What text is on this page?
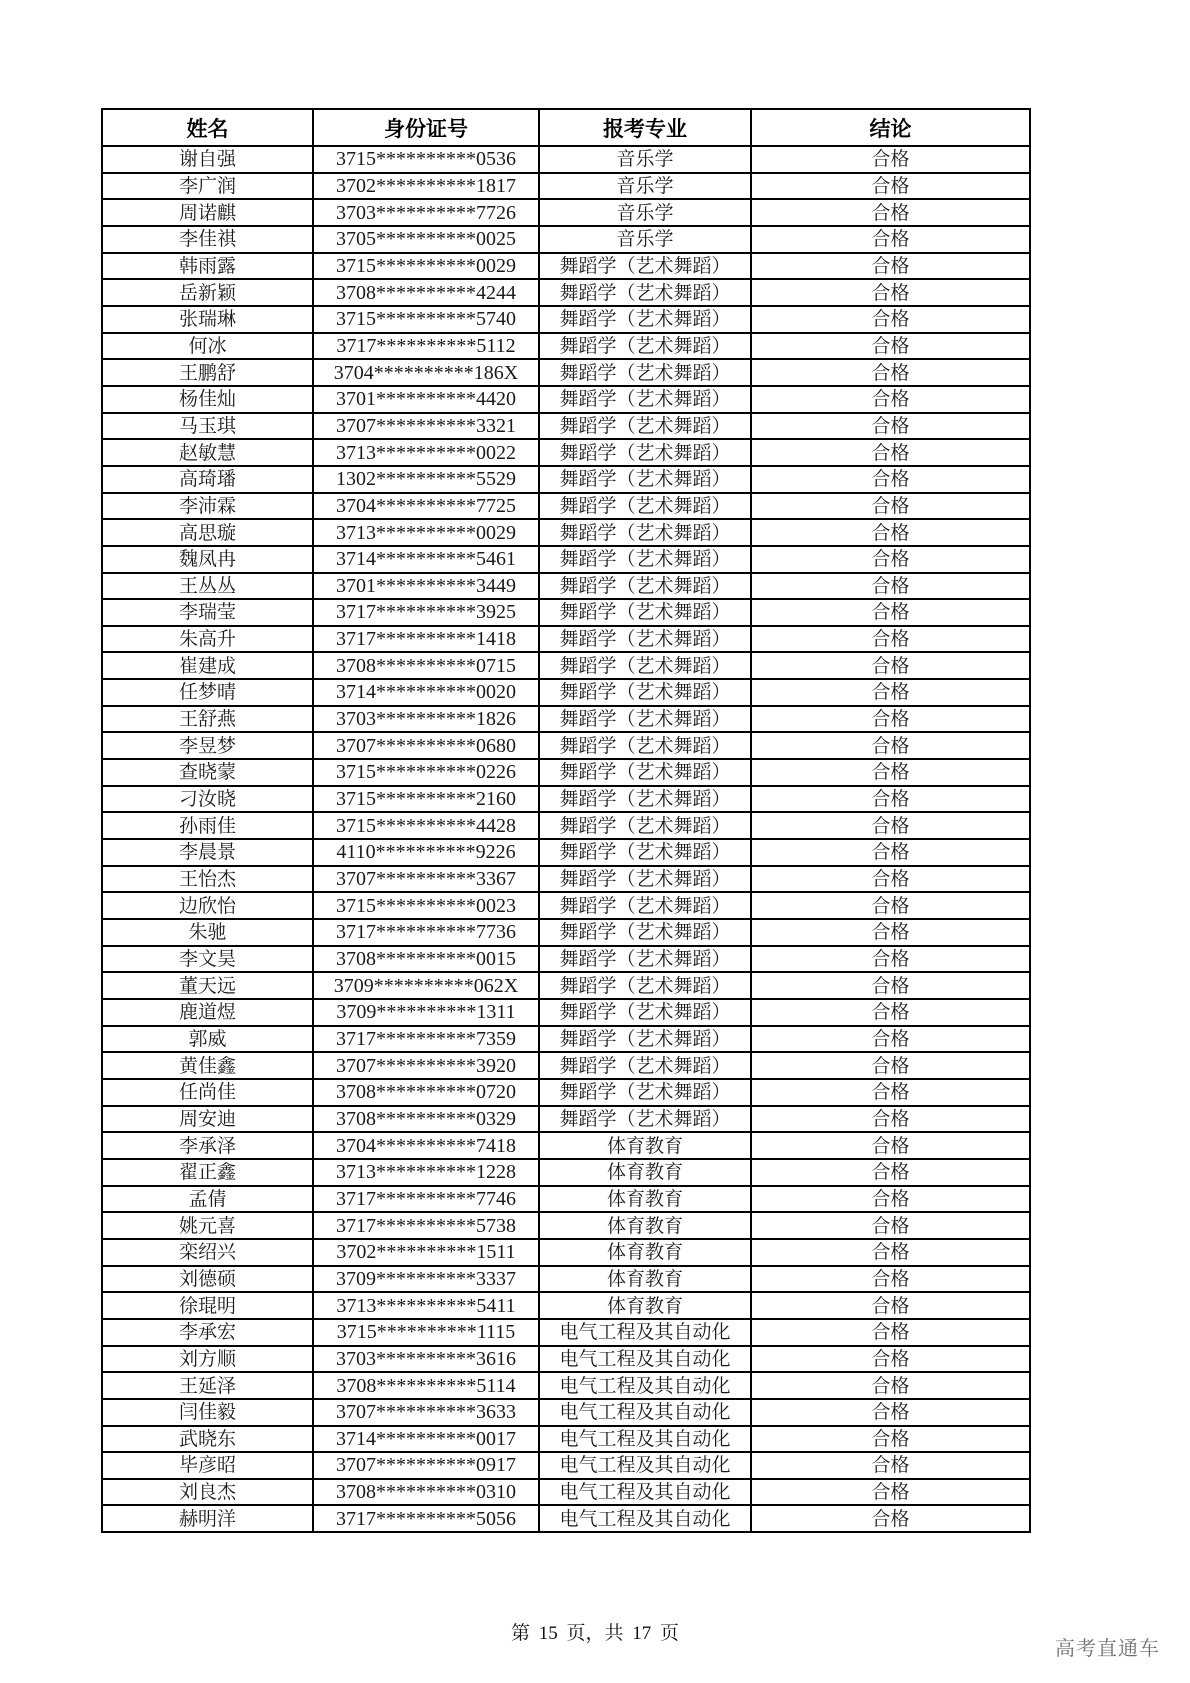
姓名	身份证号	报考专业	结论
谢自强	3715**********0536	音乐学	合格
李广润	3702**********1817	音乐学	合格
周诺麒	3703**********7726	音乐学	合格
李佳祺	3705**********0025	音乐学	合格
韩雨露	3715**********0029	舞蹈学（艺术舞蹈）	合格
岳新颖	3708**********4244	舞蹈学（艺术舞蹈）	合格
张瑞琳	3715**********5740	舞蹈学（艺术舞蹈）	合格
何冰	3717**********5112	舞蹈学（艺术舞蹈）	合格
王鹏舒	3704**********186X	舞蹈学（艺术舞蹈）	合格
杨佳灿	3701**********4420	舞蹈学（艺术舞蹈）	合格
马玉琪	3707**********3321	舞蹈学（艺术舞蹈）	合格
赵敏慧	3713**********0022	舞蹈学（艺术舞蹈）	合格
高琦璠	1302**********5529	舞蹈学（艺术舞蹈）	合格
李沛霖	3704**********7725	舞蹈学（艺术舞蹈）	合格
高思璇	3713**********0029	舞蹈学（艺术舞蹈）	合格
魏凤冉	3714**********5461	舞蹈学（艺术舞蹈）	合格
王丛丛	3701**********3449	舞蹈学（艺术舞蹈）	合格
李瑞莹	3717**********3925	舞蹈学（艺术舞蹈）	合格
朱高升	3717**********1418	舞蹈学（艺术舞蹈）	合格
崔建成	3708**********0715	舞蹈学（艺术舞蹈）	合格
任梦晴	3714**********0020	舞蹈学（艺术舞蹈）	合格
王舒燕	3703**********1826	舞蹈学（艺术舞蹈）	合格
李昱梦	3707**********0680	舞蹈学（艺术舞蹈）	合格
查晓蒙	3715**********0226	舞蹈学（艺术舞蹈）	合格
刁汝晓	3715**********2160	舞蹈学（艺术舞蹈）	合格
孙雨佳	3715**********4428	舞蹈学（艺术舞蹈）	合格
李晨景	4110**********9226	舞蹈学（艺术舞蹈）	合格
王怡杰	3707**********3367	舞蹈学（艺术舞蹈）	合格
边欣怡	3715**********0023	舞蹈学（艺术舞蹈）	合格
朱驰	3717**********7736	舞蹈学（艺术舞蹈）	合格
李文昊	3708**********0015	舞蹈学（艺术舞蹈）	合格
董天远	3709**********062X	舞蹈学（艺术舞蹈）	合格
鹿道煜	3709**********1311	舞蹈学（艺术舞蹈）	合格
郭威	3717**********7359	舞蹈学（艺术舞蹈）	合格
黄佳鑫	3707**********3920	舞蹈学（艺术舞蹈）	合格
任尚佳	3708**********0720	舞蹈学（艺术舞蹈）	合格
周安迪	3708**********0329	舞蹈学（艺术舞蹈）	合格
李承泽	3704**********7418	体育教育	合格
翟正鑫	3713**********1228	体育教育	合格
孟倩	3717**********7746	体育教育	合格
姚元喜	3717**********5738	体育教育	合格
栾绍兴	3702**********1511	体育教育	合格
刘德硕	3709**********3337	体育教育	合格
徐琨明	3713**********5411	体育教育	合格
李承宏	3715**********1115	电气工程及其自动化	合格
刘方顺	3703**********3616	电气工程及其自动化	合格
王延泽	3708**********5114	电气工程及其自动化	合格
闫佳毅	3707**********3633	电气工程及其自动化	合格
武晓东	3714**********0017	电气工程及其自动化	合格
毕彦昭	3707**********0917	电气工程及其自动化	合格
刘良杰	3708**********0310	电气工程及其自动化	合格
赫明洋	3717**********5056	电气工程及其自动化	合格
第 15 页，共 17 页
高考直通车
